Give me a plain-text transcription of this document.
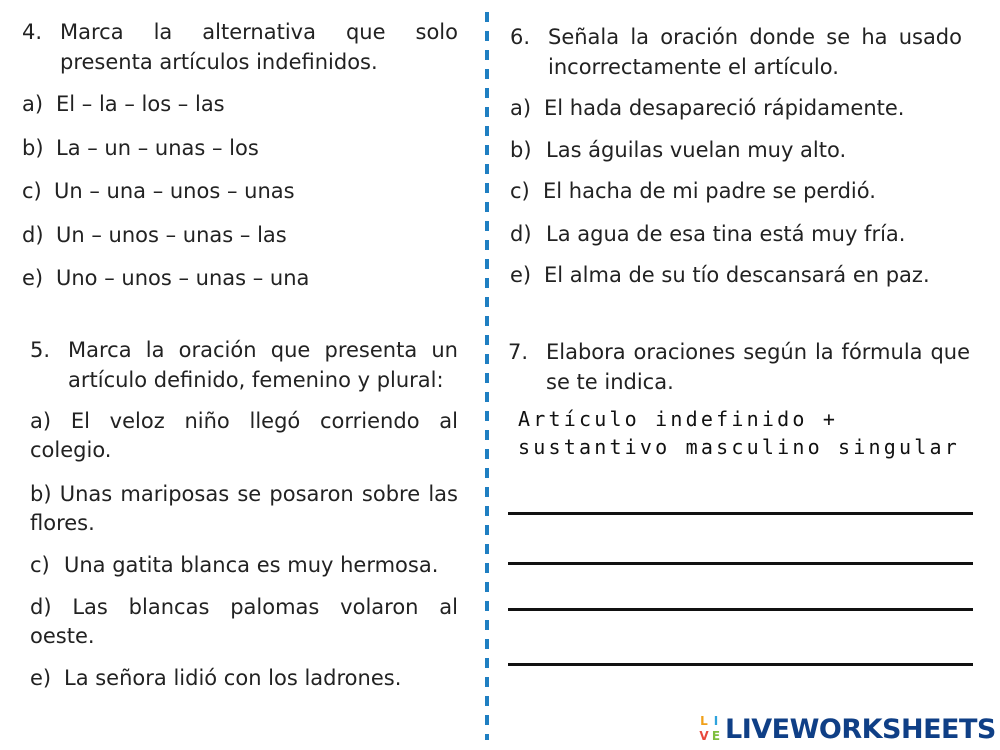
4. Marca la alternativa que solo presenta artículos indefinidos.
a) El – la – los – las
b) La – un – unas – los
c) Un – una – unos – unas
d) Un – unos – unas – las
e) Uno – unos – unas – una
5. Marca la oración que presenta un artículo definido, femenino y plural:
a) El veloz niño llegó corriendo al colegio.
b) Unas mariposas se posaron sobre las flores.
c) Una gatita blanca es muy hermosa.
d) Las blancas palomas volaron al oeste.
e) La señora lidió con los ladrones.
6. Señala la oración donde se ha usado incorrectamente el artículo.
a) El hada desapareció rápidamente.
b) Las águilas vuelan muy alto.
c) El hacha de mi padre se perdió.
d) La agua de esa tina está muy fría.
e) El alma de su tío descansará en paz.
7. Elabora oraciones según la fórmula que se te indica.
Artículo indefinido + sustantivo masculino singular
L I
V E LIVEWORKSHEETS
